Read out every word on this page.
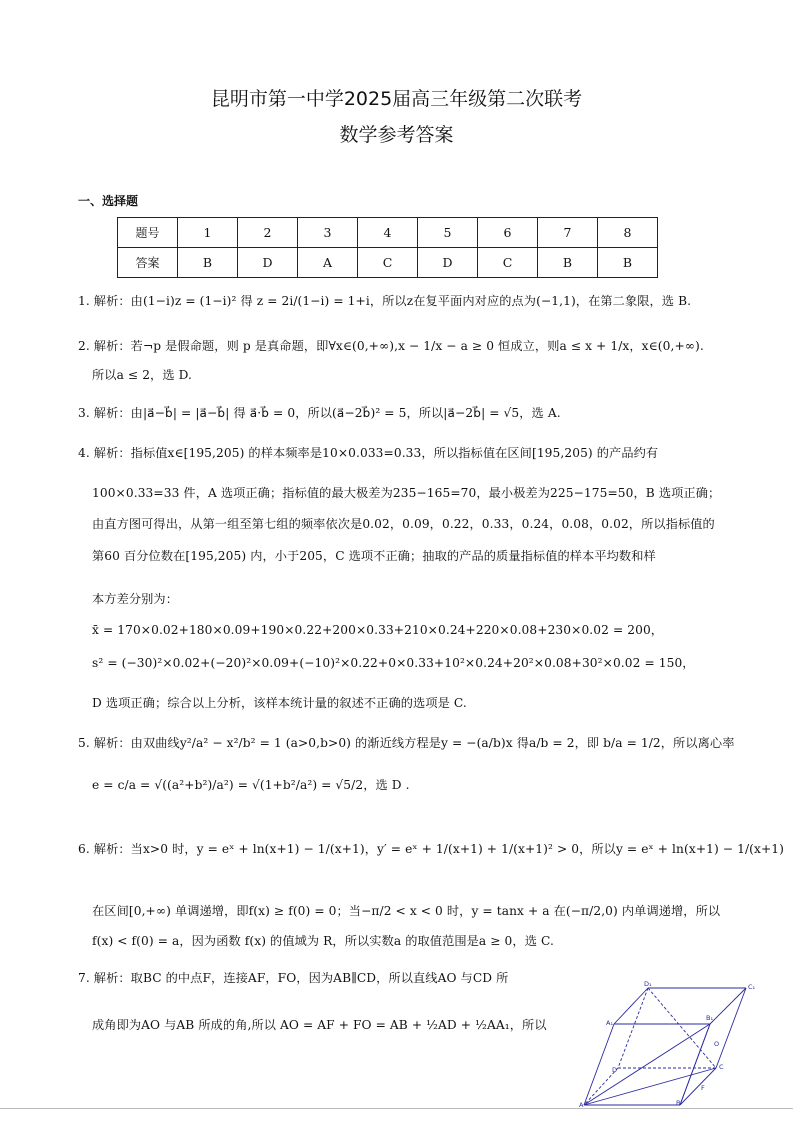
昆明市第一中学2025届高三年级第二次联考
数学参考答案
一、选择题
题号	1	2	3	4	5	6	7	8
答案	B	D	A	C	D	C	B	B
1. 解析：由(1−i)z = (1−i)² 得 z = 2i/(1−i) = 1+i，所以z在复平面内对应的点为(−1,1)，在第二象限，选 B.
2. 解析：若¬p 是假命题，则 p 是真命题，即∀x∈(0,+∞),x − 1/x − a ≥ 0 恒成立，则a ≤ x + 1/x，x∈(0,+∞).
所以a ≤ 2，选 D.
3. 解析：由|a⃗−b⃗| = |a⃗−b⃗| 得 a⃗·b⃗ = 0，所以(a⃗−2b⃗)² = 5，所以|a⃗−2b⃗| = √5，选 A.
4. 解析：指标值x∈[195,205) 的样本频率是10×0.033=0.33，所以指标值在区间[195,205) 的产品约有
100×0.33=33 件，A 选项正确；指标值的最大极差为235−165=70，最小极差为225−175=50，B 选项正确；
由直方图可得出，从第一组至第七组的频率依次是0.02，0.09，0.22，0.33，0.24，0.08，0.02，所以指标值的
第60 百分位数在[195,205) 内，小于205，C 选项不正确；抽取的产品的质量指标值的样本平均数和样
本方差分别为：
x̄ = 170×0.02+180×0.09+190×0.22+200×0.33+210×0.24+220×0.08+230×0.02 = 200，
s² = (−30)²×0.02+(−20)²×0.09+(−10)²×0.22+0×0.33+10²×0.24+20²×0.08+30²×0.02 = 150，
D 选项正确；综合以上分析，该样本统计量的叙述不正确的选项是 C.
5. 解析：由双曲线y²/a² − x²/b² = 1 (a>0,b>0) 的渐近线方程是y = −(a/b)x 得a/b = 2，即 b/a = 1/2，所以离心率
e = c/a = √((a²+b²)/a²) = √(1+b²/a²) = √5/2，选 D .
6. 解析：当x>0 时，y = eˣ + ln(x+1) − 1/(x+1)，y′ = eˣ + 1/(x+1) + 1/(x+1)² > 0，所以y = eˣ + ln(x+1) − 1/(x+1)
在区间[0,+∞) 单调递增，即f(x) ≥ f(0) = 0；当−π/2 < x < 0 时，y = tanx + a 在(−π/2,0) 内单调递增，所以
f(x) < f(0) = a，因为函数 f(x) 的值域为 R，所以实数a 的取值范围是a ≥ 0，选 C.
7. 解析：取BC 的中点F，连接AF，FO，因为AB∥CD，所以直线AO 与CD 所
成角即为AO 与AB 所成的角,所以 AO = AF + FO = AB + ½AD + ½AA₁，所以
D₁	C₁
A₁
B₁
D	C
A	B
O
F
